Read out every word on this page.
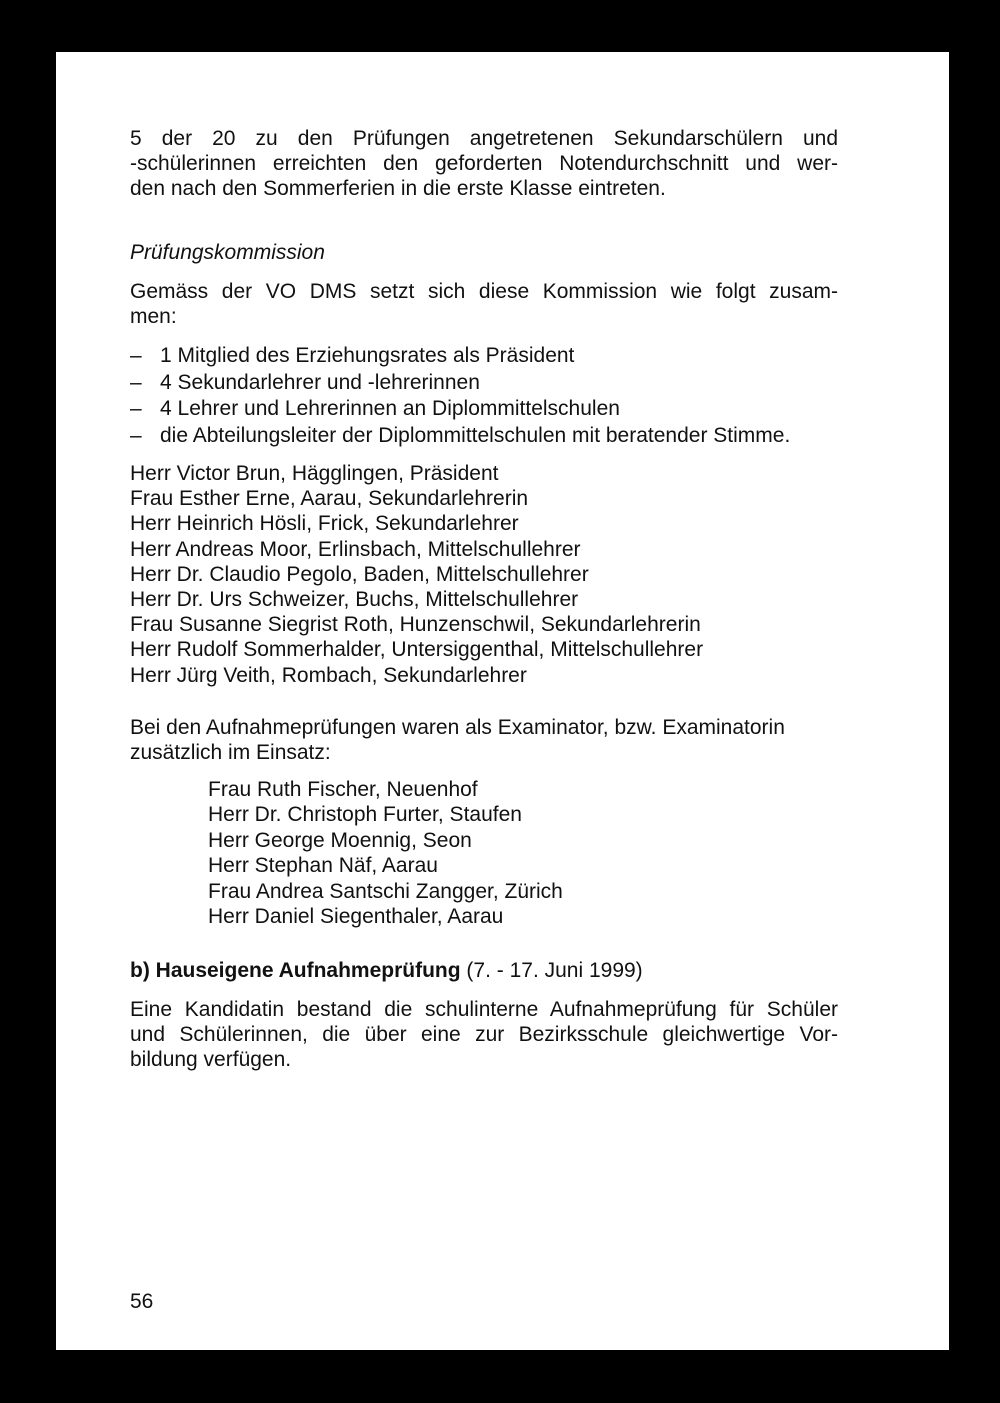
5 der 20 zu den Prüfungen angetretenen Sekundarschülern und
-schülerinnen erreichten den geforderten Notendurchschnitt und wer-
den nach den Sommerferien in die erste Klasse eintreten.
Prüfungskommission
Gemäss der VO DMS setzt sich diese Kommission wie folgt zusam-
men:
– 1 Mitglied des Erziehungsrates als Präsident
– 4 Sekundarlehrer und -lehrerinnen
– 4 Lehrer und Lehrerinnen an Diplommittelschulen
– die Abteilungsleiter der Diplommittelschulen mit beratender Stimme.
Herr Victor Brun, Hägglingen, Präsident
Frau Esther Erne, Aarau, Sekundarlehrerin
Herr Heinrich Hösli, Frick, Sekundarlehrer
Herr Andreas Moor, Erlinsbach, Mittelschullehrer
Herr Dr. Claudio Pegolo, Baden, Mittelschullehrer
Herr Dr. Urs Schweizer, Buchs, Mittelschullehrer
Frau Susanne Siegrist Roth, Hunzenschwil, Sekundarlehrerin
Herr Rudolf Sommerhalder, Untersiggenthal, Mittelschullehrer
Herr Jürg Veith, Rombach, Sekundarlehrer
Bei den Aufnahmeprüfungen waren als Examinator, bzw. Examinatorin
zusätzlich im Einsatz:
Frau Ruth Fischer, Neuenhof
Herr Dr. Christoph Furter, Staufen
Herr George Moennig, Seon
Herr Stephan Näf, Aarau
Frau Andrea Santschi Zangger, Zürich
Herr Daniel Siegenthaler, Aarau
b) Hauseigene Aufnahmeprüfung (7. - 17. Juni 1999)
Eine Kandidatin bestand die schulinterne Aufnahmeprüfung für Schüler
und Schülerinnen, die über eine zur Bezirksschule gleichwertige Vor-
bildung verfügen.
56
